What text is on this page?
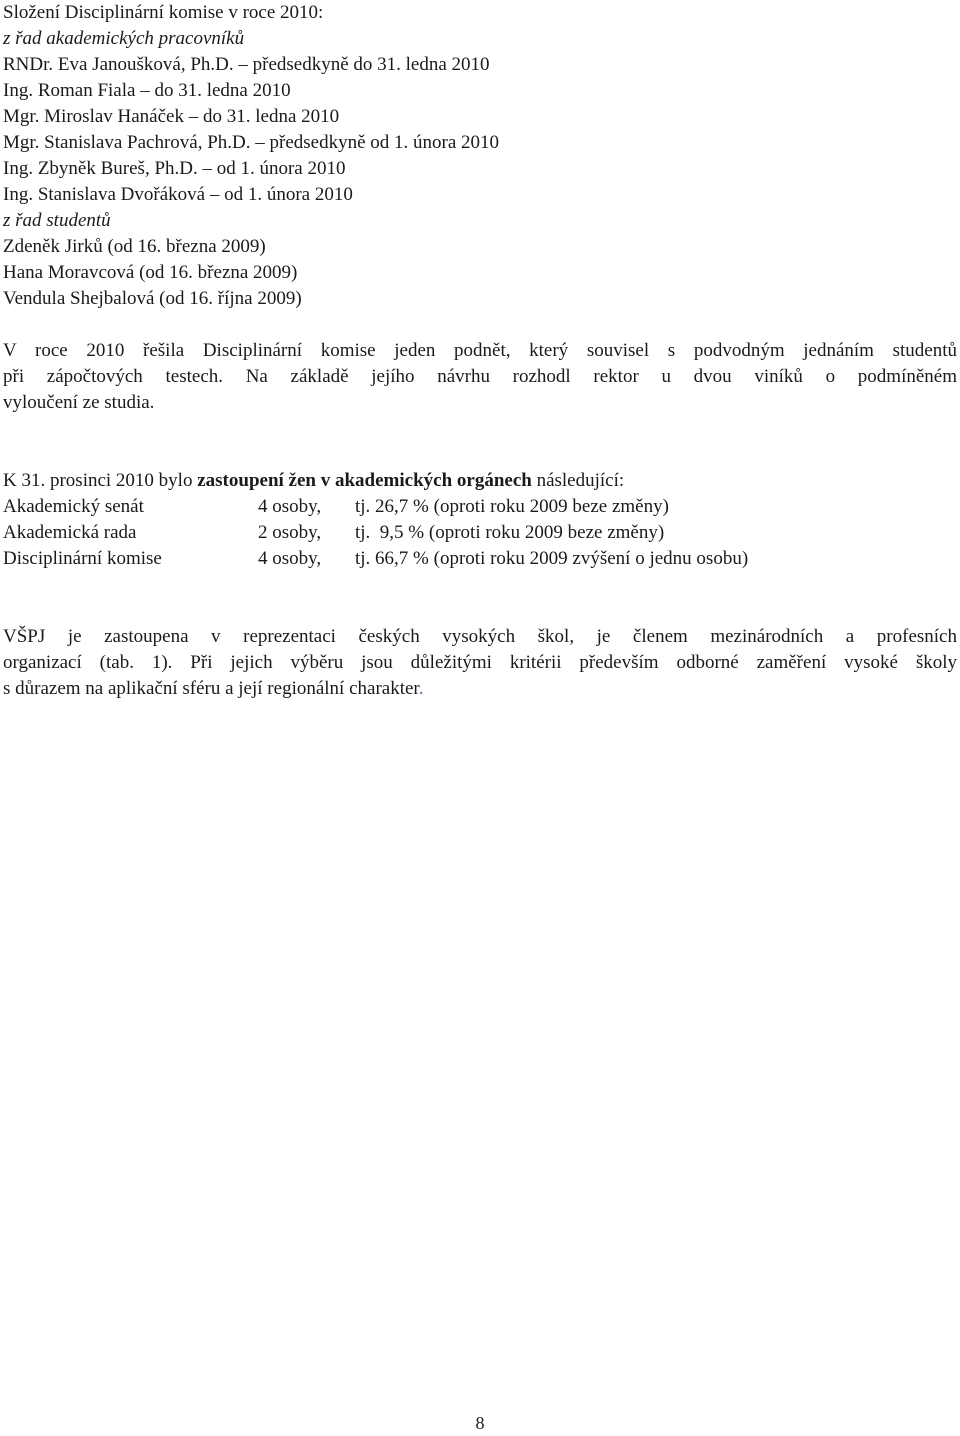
Složení Disciplinární komise v roce 2010:
z řad akademických pracovníků
RNDr. Eva Janoušková, Ph.D. – předsedkyně do 31. ledna 2010
Ing. Roman Fiala – do 31. ledna 2010
Mgr. Miroslav Hanáček – do 31. ledna 2010
Mgr. Stanislava Pachrová, Ph.D. – předsedkyně od 1. února 2010
Ing. Zbyněk Bureš, Ph.D. – od 1. února 2010
Ing. Stanislava Dvořáková – od 1. února 2010
z řad studentů
Zdeněk Jirků (od 16. března 2009)
Hana Moravcová (od 16. března 2009)
Vendula Shejbalová (od 16. října 2009)
V roce 2010 řešila Disciplinární komise jeden podnět, který souvisel s podvodným jednáním studentů
při zápočtových testech. Na základě jejího návrhu rozhodl rektor u dvou viníků o podmíněném
vyloučení ze studia.
K 31. prosinci 2010 bylo zastoupení žen v akademických orgánech následující:
Akademický senát	4 osoby, tj. 26,7 % (oproti roku 2009 beze změny)
Akademická rada	2 osoby, tj.  9,5 % (oproti roku 2009 beze změny)
Disciplinární komise	4 osoby, tj. 66,7 % (oproti roku 2009 zvýšení o jednu osobu)
VŠPJ je zastoupena v reprezentaci českých vysokých škol, je členem mezinárodních a profesních
organizací (tab. 1). Při jejich výběru jsou důležitými kritérii především odborné zaměření vysoké školy
s důrazem na aplikační sféru a její regionální charakter.
8
